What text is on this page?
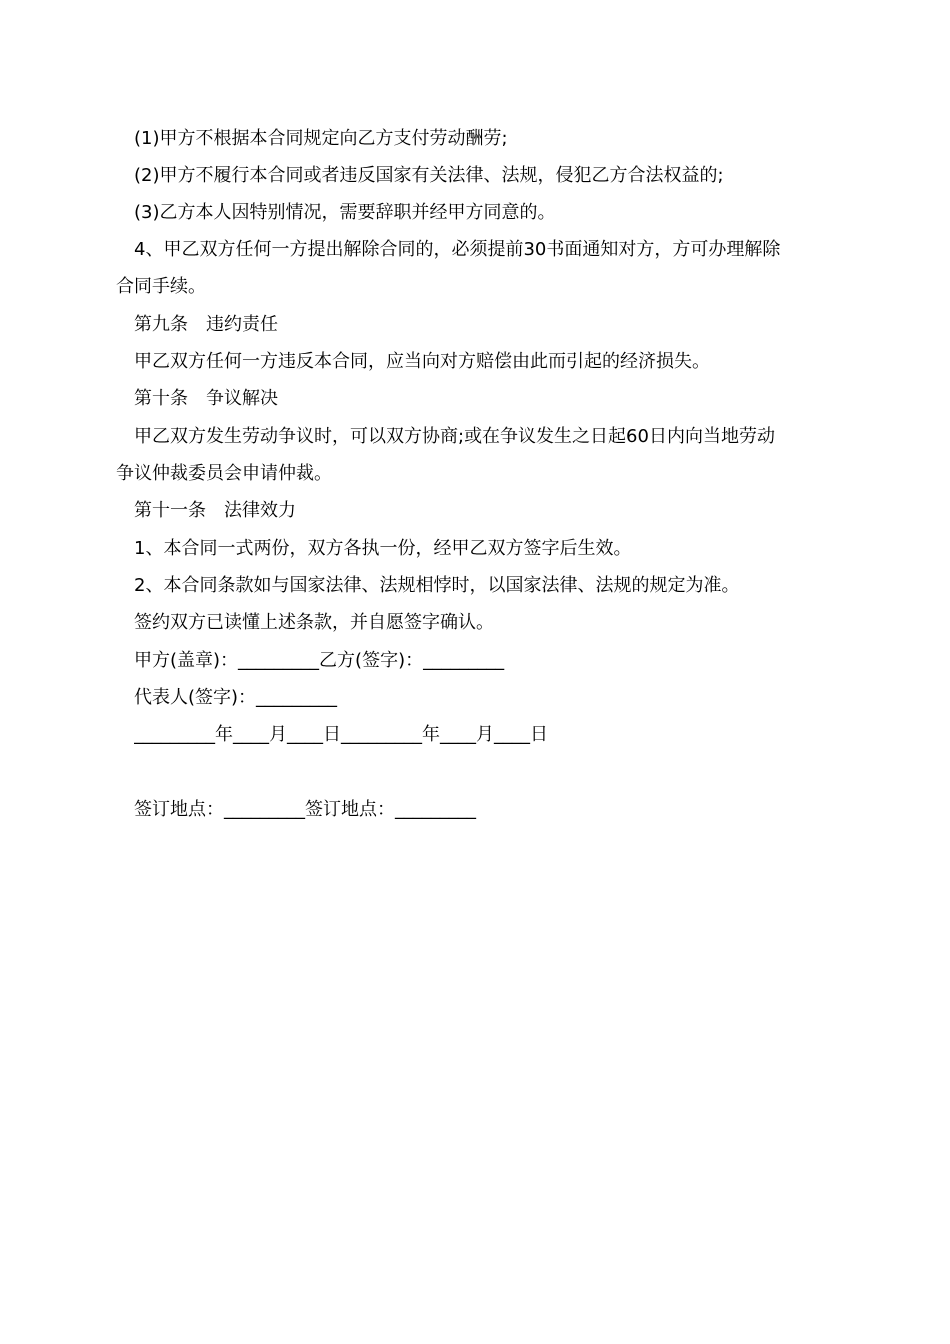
(1)甲方不根据本合同规定向乙方支付劳动酬劳;
(2)甲方不履行本合同或者违反国家有关法律、法规，侵犯乙方合法权益的;
(3)乙方本人因特别情况，需要辞职并经甲方同意的。
4、甲乙双方任何一方提出解除合同的，必须提前30书面通知对方，方可办理解除
合同手续。
第九条　违约责任
甲乙双方任何一方违反本合同，应当向对方赔偿由此而引起的经济损失。
第十条　争议解决
甲乙双方发生劳动争议时，可以双方协商;或在争议发生之日起60日内向当地劳动
争议仲裁委员会申请仲裁。
第十一条　法律效力
1、本合同一式两份，双方各执一份，经甲乙双方签字后生效。
2、本合同条款如与国家法律、法规相悖时，以国家法律、法规的规定为准。
签约双方已读懂上述条款，并自愿签字确认。
甲方(盖章)：_________乙方(签字)：_________
代表人(签字)：_________
_________年____月____日_________年____月____日
签订地点：_________签订地点：_________
